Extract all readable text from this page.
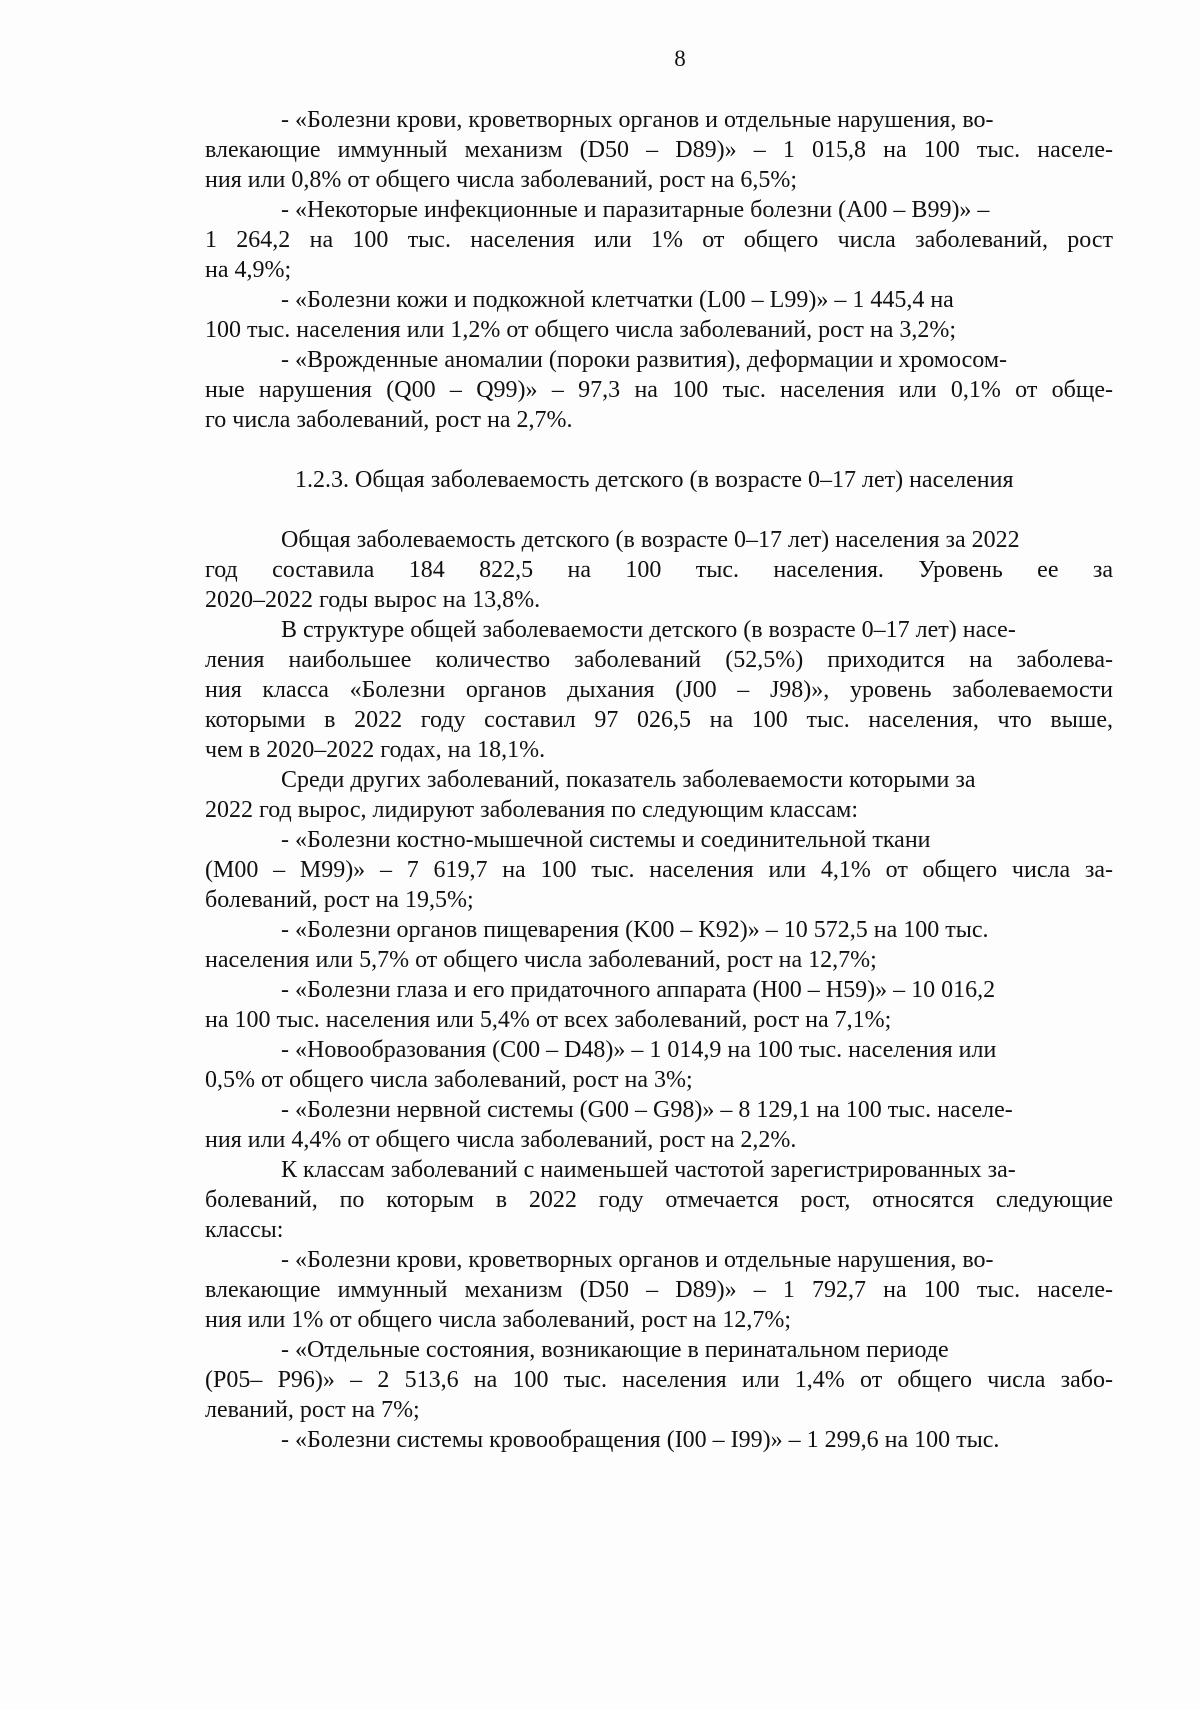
8
- «Болезни крови, кроветворных органов и отдельные нарушения, во-
влекающие иммунный механизм (D50 – D89)» – 1 015,8 на 100 тыс. населе-
ния или 0,8% от общего числа заболеваний, рост на 6,5%;
- «Некоторые инфекционные и паразитарные болезни (A00 – B99)» –
1 264,2 на 100 тыс. населения или 1% от общего числа заболеваний, рост
на 4,9%;
- «Болезни кожи и подкожной клетчатки (L00 – L99)» – 1 445,4 на
100 тыс. населения или 1,2% от общего числа заболеваний, рост на 3,2%;
- «Врожденные аномалии (пороки развития), деформации и хромосом-
ные нарушения (Q00 – Q99)» – 97,3 на 100 тыс. населения или 0,1% от обще-
го числа заболеваний, рост на 2,7%.
1.2.3. Общая заболеваемость детского (в возрасте 0–17 лет) населения
Общая заболеваемость детского (в возрасте 0–17 лет) населения за 2022
год составила 184 822,5 на 100 тыс. населения. Уровень ее за
2020–2022 годы вырос на 13,8%.
В структуре общей заболеваемости детского (в возрасте 0–17 лет) насе-
ления наибольшее количество заболеваний (52,5%) приходится на заболева-
ния класса «Болезни органов дыхания (J00 – J98)», уровень заболеваемости
которыми в 2022 году составил 97 026,5 на 100 тыс. населения, что выше,
чем в 2020–2022 годах, на 18,1%.
Среди других заболеваний, показатель заболеваемости которыми за
2022 год вырос, лидируют заболевания по следующим классам:
- «Болезни костно-мышечной системы и соединительной ткани
(M00 – M99)» – 7 619,7 на 100 тыс. населения или 4,1% от общего числа за-
болеваний, рост на 19,5%;
- «Болезни органов пищеварения (K00 – K92)» – 10 572,5 на 100 тыс.
населения или 5,7% от общего числа заболеваний, рост на 12,7%;
- «Болезни глаза и его придаточного аппарата (H00 – H59)» – 10 016,2
на 100 тыс. населения или 5,4% от всех заболеваний, рост на 7,1%;
- «Новообразования (C00 – D48)» – 1 014,9 на 100 тыс. населения или
0,5% от общего числа заболеваний, рост на 3%;
- «Болезни нервной системы (G00 – G98)» – 8 129,1 на 100 тыс. населе-
ния или 4,4% от общего числа заболеваний, рост на 2,2%.
К классам заболеваний с наименьшей частотой зарегистрированных за-
болеваний, по которым в 2022 году отмечается рост, относятся следующие
классы:
- «Болезни крови, кроветворных органов и отдельные нарушения, во-
влекающие иммунный механизм (D50 – D89)» – 1 792,7 на 100 тыс. населе-
ния или 1% от общего числа заболеваний, рост на 12,7%;
- «Отдельные состояния, возникающие в перинатальном периоде
(P05– P96)» – 2 513,6 на 100 тыс. населения или 1,4% от общего числа забо-
леваний, рост на 7%;
- «Болезни системы кровообращения (I00 – I99)» – 1 299,6 на 100 тыс.
